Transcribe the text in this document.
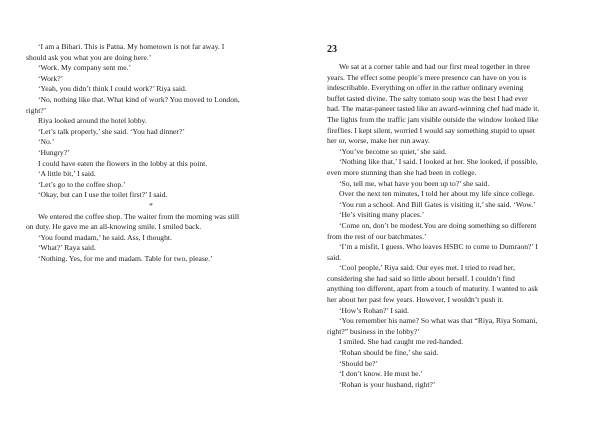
‘I am a Bihari. This is Patna. My hometown is not far away. I
should ask you what you are doing here.’
‘Work. My company sent me.’
‘Work?’
‘Yeah, you didn’t think I could work?’ Riya said.
‘No, nothing like that. What kind of work? You moved to London,
right?’
Riya looked around the hotel lobby.
‘Let’s talk properly,’ she said. ‘You had dinner?’
‘No.’
‘Hungry?’
I could have eaten the flowers in the lobby at this point.
‘A little bit,’ I said.
‘Let’s go to the coffee shop.’
‘Okay, but can I use the toilet first?’ I said.
*
We entered the coffee shop. The waiter from the morning was still
on duty. He gave me an all-knowing smile. I smiled back.
‘You found madam,’ he said. Ass, I thought.
‘What?’ Raya said.
‘Nothing. Yes, for me and madam. Table for two, please.’
23
We sat at a corner table and had our first meal together in three
years. The effect some people’s mere presence can have on you is
indescribable. Everything on offer in the rather ordinary evening
buffet tasted divine. The salty tomato soup was the best I had ever
had. The matar-paneer tasted like an award-winning chef had made it.
The lights from the traffic jam visible outside the window looked like
fireflies. I kept silent, worried I would say something stupid to upset
her or, worse, make her run away.
‘You’ve become so quiet,’ she said.
‘Nothing like that,’ I said. I looked at her. She looked, if possible,
even more stunning than she had been in college.
‘So, tell me, what have you been up to?’ she said.
Over the next ten minutes, I told her about my life since college.
‘You run a school. And Bill Gates is visiting it,’ she said. ‘Wow.’
‘He’s visiting many places.’
‘Come on, don’t be modest.You are doing something so different
from the rest of our batchmates.’
‘I’m a misfit, I guess. Who leaves HSBC to come to Dumraon?’ I
said.
‘Cool people,’ Riya said. Our eyes met. I tried to read her,
considering she had said so little about herself. I couldn’t find
anything too different, apart from a touch of maturity. I wanted to ask
her about her past few years. However, I wouldn’t push it.
‘How’s Rohan?’ I said.
‘You remember his name? So what was that “Riya, Riya Somani,
right?” business in the lobby?’
I smiled. She had caught me red-handed.
‘Rohan should be fine,’ she said.
‘Should be?’
‘I don’t know. He must be.’
‘Rohan is your husband, right?’
